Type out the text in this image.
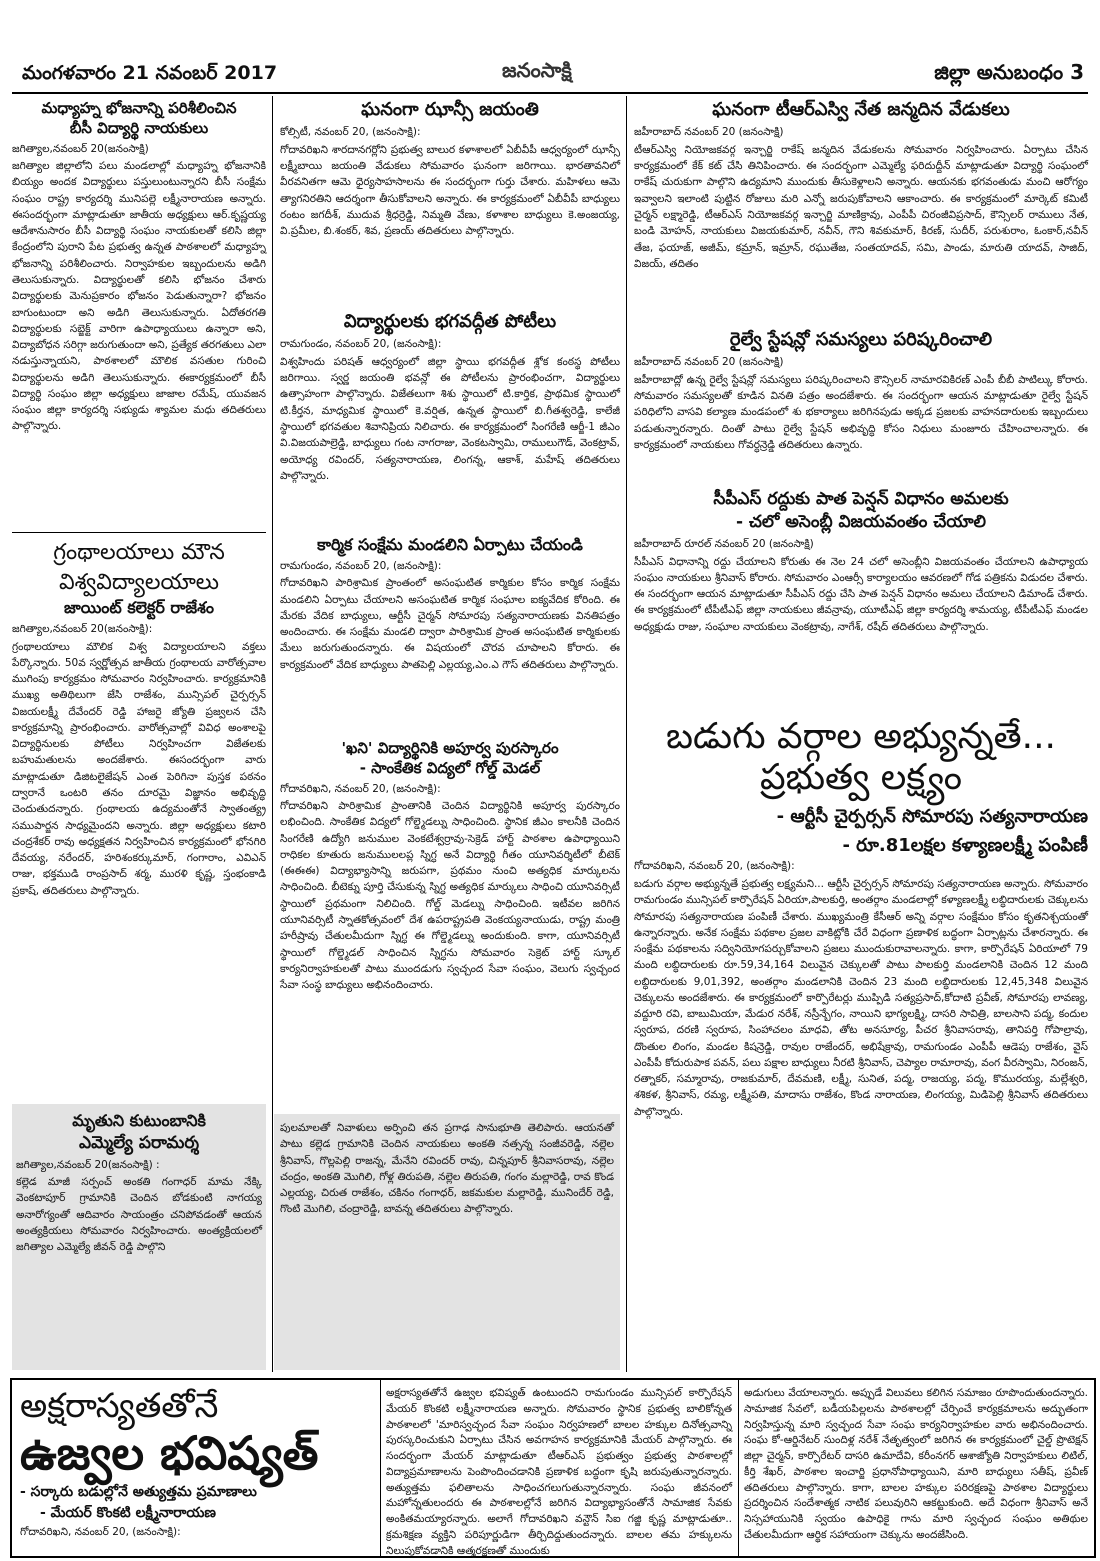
మంగళవారం 21 నవంబర్ 2017	జనంసాక్షి	జిల్లా అనుబంధం 3

మధ్యాహ్న భోజనాన్ని పరిశీలించిన

బీసీ విద్యార్థి నాయకులు

జగిత్యాల,నవంబర్ 20(జనంసాక్షి)

జగిత్యాల జిల్లాలోని పలు మండలాల్లో మధ్యాహ్న భోజనానికి బియ్యం అందక విద్యార్థులు పస్తులుంటున్నారని బీసీ సంక్షేమ సంఘం రాష్ట్ర కార్యదర్శి మునిపల్లె లక్ష్మీనారాయణ అన్నారు. ఈసందర్భంగా మాట్లాడుతూ జాతీయ అధ్యక్షులు ఆర్.కృష్ణయ్య ఆదేశానుసారం బీసీ విద్యార్థి సంఘం నాయకులతో కలిసి జిల్లా కేంద్రంలోని పురాని పేట ప్రభుత్వ ఉన్నత పాఠశాలలో మధ్యాహ్న భోజనాన్ని పరిశీలించారు. నిర్వాహకుల ఇబ్బందులను అడిగి తెలుసుకున్నారు. విద్యార్థులతో కలిసి భోజనం చేశారు విద్యార్థులకు మెనుప్రకారం భోజనం పెడుతున్నారా? భోజనం బాగుంటుందా అని అడిగి తెలుసుకున్నారు. ఏదోతరగతి విద్యార్థులకు సబ్జెక్ట్ వారిగా ఉపాధ్యాయులు ఉన్నారా అని, విద్యాబోధన సరిగ్గా జరుగుతుందా అని, ప్రత్యేక తరగతులు ఎలా నడుస్తున్నాయని, పాఠశాలలో మౌలిక వసతుల గురించి విద్యార్థులను అడిగి తెలుసుకున్నారు. ఈకార్యక్రమంలో బీసీ విద్యార్థి సంఘం జిల్లా అధ్యక్షులు జాజాల రమేష్, యువజన సంఘం జిల్లా కార్యదర్శి సభ్యుడు శ్యామల మధు తదితరులు పాల్గొన్నారు.

గ్రంథాలయాలు మౌన

విశ్వవిద్యాలయాలు

జాయింట్ కలెక్టర్ రాజేశం

జగిత్యాల,నవంబర్ 20(జనంసాక్షి):

గ్రంథాలయాలు మౌలిక విశ్వ విద్యాలయాలని వక్తలు పేర్కొన్నారు. 50వ స్వర్ణోత్సవ జాతీయ గ్రంథాలయ వారోత్సవాల ముగింపు కార్యక్రమం సోమవారం నిర్వహించారు. కార్యక్రమానికి ముఖ్య అతిథిలుగా జేసి రాజేశం, మున్సిపల్ చైర్పర్సన్ విజయలక్ష్మీ దేవేందర్ రెడ్డి హాజరై జ్యోతి ప్రజ్వలన చేసి కార్యక్రమాన్ని ప్రారంభించారు. వారోత్సవాల్లో వివిధ అంశాలపై విద్యార్థినులకు పోటీలు నిర్వహించగా విజేతలకు బహుమతులను అందజేశారు. ఈసందర్భంగా వారు మాట్లాడుతూ డిజిటలైజేషన్ ఎంత పెరిగినా పుస్తక పఠనం ద్వారానే ఒంటరి తనం దూరమై విజ్ఞానం అభివృద్ధి చెందుతుదన్నారు. గ్రంథాలయ ఉద్యమంతోనే స్వాతంత్య్ర సముపార్జన సాధ్యమైందని అన్నారు. జిల్లా అధ్యక్షులు కటారి చంద్రశేకర్ రావు అధ్యక్షతన నిర్వహించిన కార్యక్రమంలో భోనగిరి దేవయ్య, నరేందర్, హరిశంకర్కుమార్, గంగారాం, ఎవిఎన్ రాజు, భక్తముడి రాంప్రసాద్ శర్మ, మురళి కృష్ణ, స్తంభంకాడి ప్రకాష్, తదితరులు పాల్గొన్నారు.

మృతుని కుటుంబానికి

ఎమ్మెల్యే పరామర్శ

జగిత్యాల,నవంబర్ 20(జనంసాక్షి) :

కల్లెడ మాజీ సర్పంచ్ అంకతి గంగాధర్ మామ నేక్కి వెంకటాపూర్ గ్రామానికి చెందిన బోడకుంటి నాగయ్య అనారోగ్యంతో ఆదివారం సాయంత్రం చనిపోవడంతో ఆయన అంత్యక్రియలు సోమవారం నిర్వహించారు. అంత్యక్రియలలో జగిత్యాల ఎమ్మెల్యే జీవన్ రెడ్డి పాల్గొని

ఘనంగా ఝాన్సీ జయంతి

కోల్సిటీ, నవంబర్ 20, (జనంసాక్షి):

గోదావరిఖని శారదానగర్లోని ప్రభుత్వ బాలుర కళాశాలలో ఏబీవీపీ ఆధ్వర్యంలో ఝాన్సీ లక్ష్మీబాయి జయంతి వేడుకలు సోమవారం ఘనంగా జరిగాయి. భారతావనిలో వీరవనితగా ఆమె ధైర్యసాహసాలను ఈ సందర్భంగా గుర్తు చేశారు. మహిళలు ఆమె త్యాగనిరతిని ఆదర్శంగా తీసుకోవాలని అన్నారు. ఈ కార్యక్రమంలో ఏబీవీపీ బాధ్యులు రంటం జగదీశ్, ముదువ శ్రీధర్రెడ్డి, నిమ్మతి వేణు, కళాశాల బాధ్యులు కె.అంజయ్య, వి.ప్రమీల, బి.శంకర్, శివ, ప్రణయ్ తదితరులు పాల్గొన్నారు.

విద్యార్థులకు భగవద్గీత పోటీలు

రామగుండం, నవంబర్ 20, (జనంసాక్షి):

విశ్వహిందు పరిషత్ ఆధ్వర్యంలో జిల్లా స్థాయి భగవద్గీత శ్లోక కంఠస్థ పోటీలు జరిగాయి. స్వర్ణ జయంతి భవన్లో ఈ పోటీలను ప్రారంభించగా, విద్యార్థులు ఉత్సాహంగా పాల్గొన్నారు. విజేతలుగా శిశు స్థాయిలో టి.కార్తిక, ప్రాథమిక స్థాయిలో టి.కీర్తన, మాధ్యమిక స్థాయిలో కె.వర్షిత, ఉన్నత స్థాయిలో బి.గీతశ్వరెడ్డి, కాలేజీ స్థాయిలో భగవతుల శివానిప్రియ నిలిచారు. ఈ కార్యక్రమంలో సింగరేణి ఆర్జీ-1 జీఎం వి.విజయపాల్రెడ్డి, బాధ్యులు గంట నాగరాజు, వెంకటస్వామి, రాములుగౌడ్, వెంకట్రావ్, అయోధ్య రవిందర్, సత్యనారాయణ, లింగన్న, ఆకాశ్, మహేష్ తదితరులు పాల్గొన్నారు.

కార్మిక సంక్షేమ మండలిని ఏర్పాటు చేయండి

రామగుండం, నవంబర్ 20, (జనంసాక్షి):

గోదావరిఖని పారిశ్రామిక ప్రాంతంలో అసంఘటిత కార్మికుల కోసం కార్మిక సంక్షేమ మండలిని ఏర్పాటు చేయాలని అసంఘటిత కార్మిక సంఘాల ఐక్యవేదిక కోరింది. ఈ మేరకు వేదిక బాధ్యులు, ఆర్టీసీ చైర్మన్ సోమారపు సత్యనారాయణకు వినతిపత్రం అందించారు. ఈ సంక్షేమ మండలి ద్వారా పారిశ్రామిక ప్రాంత అసంఘటిత కార్మికులకు మేలు జరుగుతుందన్నారు. ఈ విషయంలో చొరవ చూపాలని కోరారు. ఈ కార్యక్రమంలో వేదిక బాధ్యులు పాతపెల్లి ఎల్లయ్య,ఎం.ఎ గౌస్ తదితరులు పాల్గొన్నారు.

'ఖని' విద్యార్థినికి అపూర్వ పురస్కారం

- సాంకేతిక విద్యలో గోల్డ్ మెడల్

గోదావరిఖని, నవంబర్ 20, (జనంసాక్షి):

గోదావరిఖని పారిశ్రామిక ప్రాంతానికి చెందిన విద్యార్థినికి అపూర్వ పురస్కారం లభించింది. సాంకేతిక విద్యలో గోల్డ్మెడల్ను సాధించింది. స్థానిక జీఎం కాలనీకి చెందిన సింగరేణి ఉద్యోగి జనుముల వెంకటేశ్వర్రావు-సెక్రెడ్ హార్ట్ పాఠశాల ఉపాధ్యాయిని రాధికల కూతురు జనుములలప్ల స్నిగ్ధ అనే విద్యార్థి గీతం యూనివర్శిటీలో బీటెక్ (ఈఈఈ) విద్యాభ్యాసాన్ని జరుపగా, ప్రథమం నుంచి అత్యధిక మార్కులను సాధించింది. బీటెక్ను పూర్తి చేసుకున్న స్నిగ్ధ అత్యధిక మార్కులు సాధించి యూనివర్సిటీ స్థాయిలో ప్రథమంగా నిలిచింది. గోల్డ్ మెడల్ను సాధించింది. ఇటీవల జరిగిన యూనివర్సిటీ స్నాతకోత్సవంలో దేశ ఉపరాష్ట్రపతి వెంకయ్యనాయుడు, రాష్ట్ర మంత్రి హరీష్రావు చేతులమీదుగా స్నిగ్ధ ఈ గోల్డ్మెడల్ను అందుకుంది. కాగా, యూనివర్సిటీ స్థాయిలో గోల్డ్మెడల్ సాధించిన స్నిగ్ధను సోమవారం సెక్రెట్ హార్ట్ స్కూల్ కార్యనిర్వాహకులతో పాటు ముందడుగు స్వచ్చంద సేవా సంఘం, వెలుగు స్వచ్చంద సేవా సంస్థ బాధ్యులు అభినందించారు.

పులమాలతో నివాళులు అర్పించి తన ప్రగాఢ సానుభూతి తెలిపారు. ఆయనతో పాటు కల్లెడ గ్రామానికి చెందిన నాయకులు అంకతి నత్సన్న సంజీవరెడ్డి, నల్లెల శ్రీనివాస్, గొల్లపెల్లి రాజన్న, మేనేని రవిందర్ రావు, చిన్నపూర్ శ్రీనివాసరావు, నల్లెల చంద్రం, అంకతి మొగిలి, గోళ్ల తిరుపతి, నల్లెల తిరుపతి, గంగం మల్లారెడ్డి, రావ కొండ ఎల్లయ్య, చిరుత రాజేశం, చకినం గంగాధర్, జకమకుల మల్లారెడ్డి, మునిందేర్ రెడ్డి, గొంటి మొగిలి, చంద్రారెడ్డి, బావన్న తదితరులు పాల్గొన్నారు.

ఘనంగా టీఆర్ఎస్వి నేత జన్మదిన వేడుకలు

జహీరాబాద్ నవంబర్ 20 (జనంసాక్షి)

టీఆర్ఎస్వి నియోజకవర్గ ఇన్చార్జి రాకేష్ జన్మదిన వేడుకలను సోమవారం నిర్వహించారు. ఏర్పాటు చేసిన కార్యక్రమంలో కేక్ కట్ చేసి తినిపించారు. ఈ సందర్భంగా ఎమ్మెల్యే ఫరిదుద్దీన్ మాట్లాడుతూ విద్యార్థి సంఘంలో రాకేష్ చురుకుగా పాల్గొని ఉద్యమాని ముందుకు తీసుకెళ్లాలని అన్నారు. ఆయనకు భగవంతుడు మంచి ఆరోగ్యం ఇవ్వాలని ఇలాంటి పుట్టిన రోజులు మరి ఎన్నో జరుపుకోవాలని ఆకాంచారు. ఈ కార్యక్రమంలో మార్కెట్ కమిటీ చైర్మన్ లక్ష్మారెడ్డి, టీఆర్ఎస్ నియోజకవర్గ ఇన్చార్జి మాణిక్రావు, ఎంపీపీ చిరంజీవిప్రసాద్, కౌన్సిలర్ రాములు నేత, బండి మోహన్, నాయకులు విజయకుమార్, నవీన్, గౌని శివకుమార్, కిరణ్, సుదీర్, పరుశురాం, ఓంకార్,నవీన్ తేజ, ఫయాజ్, అజీమ్, కమ్రాన్, ఇమ్రాన్, రఘుతేజ, సంతయాదవ్, సమి, పాండు, మారుతి యాదవ్, సాజిద్, విజయ్, తదితం

రైల్వే స్టేషన్లో సమస్యలు పరిష్కరించాలి

జహీరాబాద్ నవంబర్ 20 (జనంసాక్షి)

జహీరాబాద్లో ఉన్న రైల్వే స్టేషన్లో సమస్యలు పరిష్కరించాలని కౌన్సిలర్ నామారవికిరణ్ ఎంపీ బీబీ పాటిల్కు కోరారు. సోమవారం సమస్యలతో కూడిన వినతి పత్రం అందజేశారు. ఈ సందర్భంగా ఆయన మాట్లాడుతూ రైల్వే స్టేషన్ పరిధిలోని వాసవి కల్యాణ మండపంలో శు భకార్యాలు జరిగినపుడు అక్కడ ప్రజలకు వాహనదారులకు ఇబ్బందులు పడుతున్నారన్నారు. దింతో పాటు రైల్వే స్టేషన్ అభివృద్ధి కోసం నిధులు మంజూరు చేహించాలన్నారు. ఈ కార్యక్రమంలో నాయకులు గోవర్ధన్రెడ్డి తదితరులు ఉన్నారు.

సీపీఎస్ రద్దుకు పాత పెన్షన్ విధానం అమలకు

- చలో అసెంబ్లీ విజయవంతం చేయాలి

జహీరాబాద్ రూరల్ నవంబర్ 20 (జనంసాక్షి)

సీపీఎస్ విధానాన్ని రద్దు చేయాలని కోరుతు ఈ నెల 24 చలో అసెంబ్లీని విజయవంతం చేయాలని ఉపాధ్యాయ సంఘం నాయకులు శ్రీనివాస్ కోరారు. సోమవారం ఎంఆర్సీ కార్యాలయం ఆవరణలో గోడ పత్రికను విడుదల చేశారు. ఈ సందర్భంగా ఆయన మాట్లాడుతూ సీపీఎస్ రద్దు చేసి పాత పెన్షన్ విధానం అమలు చేయాలని డిమాండ్ చేశారు. ఈ కార్యక్రమంలో టీపీటీఎఫ్ జిల్లా నాయకులు జీవన్రావు, యూటీఎఫ్ జిల్లా కార్యదర్శి శామయ్య, టీపీటీఎఫ్ మండల అధ్యక్షుడు రాజు, సంఘాల నాయకులు వెంకట్రావు, నాగేశ్, రషీద్ తదితరులు పాల్గొన్నారు.

బడుగు వర్గాల అభ్యున్నతే...

ప్రభుత్వ లక్ష్యం

- ఆర్టీసీ చైర్పర్సన్ సోమారపు సత్యనారాయణ

- రూ.81లక్షల కళ్యాణలక్ష్మీ పంపిణీ

గోదావరిఖని, నవంబర్ 20, (జనంసాక్షి):

బడుగు వర్గాల అభ్యున్నతే ప్రభుత్వ లక్ష్యమని... ఆర్టీసీ చైర్పర్సన్ సోమారపు సత్యనారాయణ అన్నారు. సోమవారం రామగుండం మున్సిపల్ కార్పొరేషన్ ఏరియా,పాలకుర్తి, అంతర్గాం మండలాల్లో కళ్యాణలక్ష్మీ లబ్ధిదారులకు చెక్కులను సోమారపు సత్యనారాయణ పంపిణీ చేశారు. ముఖ్యమంత్రి కేసీఆర్ అన్ని వర్గాల సంక్షేమం కోసం కృతనిశ్చయంతో ఉన్నారన్నారు. అనేక సంక్షేమ పథకాల ప్రజల వాకిట్లోకి చేరే విధంగా ప్రణాళిక బద్ధంగా ఏర్పాట్లను చేశారన్నారు. ఈ సంక్షేమ పథకాలను సద్వినియోగపర్చుకోవాలని ప్రజలు ముందుకురావాలన్నారు. కాగా, కార్పొరేషన్ ఏరియాలో 79 మంది లబ్ధిదారులకు రూ.59,34,164 విలువైన చెక్కులతో పాటు పాలకుర్తి మండలానికి చెందిన 12 మంది లబ్ధిదారులకు 9,01,392, అంతర్గాం మండలానికి చెందిన 23 మంది లబ్ధిదారులకు 12,45,348 విలువైన చెక్కులను అందజేశారు. ఈ కార్యక్రమంలో కార్పొరేటర్లు ముప్పిడి సత్యప్రసాద్,కోదాటి ప్రవీణ్, సోమారపు లావణ్య, వద్దూరి రవి, బాబుమియా, మేడుర నరేశ్, నస్రీన్బేగం, నాయిని భాగ్యలక్ష్మి, దాసరి సావిత్రి, బాలసాని పద్మ, కందుల స్వరూప, దరణి స్వరూప, సింహాచలం మాధవి, తోట అనసూర్య, పీచర శ్రీనివాసరావు, తానిపర్తి గోపాల్రావు, దొంతుల లింగం, మండల కిషన్రెడ్డి, రావుల రాజేందర్, అభిషేక్రావు, రామగుండం ఎంపీపీ ఆడెపు రాజేశం, వైస్ ఎంపీపీ కోదురుపాక పవన్, పలు పక్షాల బాధ్యులు నీరటి శ్రీనివాస్, చెప్యాల రామారావు, వంగ వీరస్వామి, నిరంజన్, రత్నాకర్, సమ్మారావు, రాజకుమార్, దేవమణి, లక్ష్మీ, సునిత, పద్మ, రాజయ్య, పద్మ, కొమురయ్య, మల్లేశ్వరి, శశికళ, శ్రీనివాస్, రమ్య, లక్ష్మీపతి, మాదాసు రాజేశం, కొండ నారాయణ, లింగయ్య, మిడిపెల్లి శ్రీనివాస్ తదితరులు పాల్గొన్నారు.

అక్షరాస్యతతోనే

ఉజ్వల భవిష్యత్

- సర్కారు బడుల్లోనే అత్యుత్తమ ప్రమాణాలు

- మేయర్ కొంకటి లక్ష్మీనారాయణ

గోదావరిఖని, నవంబర్ 20, (జనంసాక్షి):

అక్షరాస్యతతోనే ఉజ్వల భవిష్యత్ ఉంటుందని రామగుండం మున్సిపల్ కార్పొరేషన్ మేయర్ కొంకటి లక్ష్మీనారాయణ అన్నారు. సోమవారం స్థానిక ప్రభుత్వ బాలికోన్నత పాఠశాలలో 'మారిస్వచ్ఛంద సేవా సంఘం నిర్వహణలో బాలల హక్కుల దినోత్సవాన్ని పురస్కరించుకుని ఏర్పాటు చేసిన అవగాహన కార్యక్రమానికి మేయర్ పాల్గొన్నారు. ఈ సందర్భంగా మేయర్ మాట్లాడుతూ టీఆర్ఎస్ ప్రభుత్వం ప్రభుత్వ పాఠశాలల్లో విద్యాప్రమాణాలను పెంపొందించడానికి ప్రణాళిక బద్ధంగా కృషి జరుపుతున్నారన్నారు. అత్యుత్తమ ఫలితాలను సాధించగలుగుతున్నారన్నారు. సంఘ జీవనంలో మహోన్నతులందరు ఈ పాఠశాలల్లోనే జరిగిన విద్యాభ్యాసంతోనే సామాజిక సేవకు అంకితమయ్యారన్నారు. అలాగే గోదావరిఖని వన్టౌన్ సిఐ గజ్జి కృష్ణ మాట్లాడుతూ.. క్రమశిక్షణ వ్యక్తిని పరిపూర్ణుడిగా తీర్చిదిద్దుతుందన్నారు. బాలల తమ హక్కులను నిలుపుకోవడానికి ఆత్మరక్షణతో ముందుకు

అడుగులు వేయాలన్నారు. అప్పుడే విలువలు కలిగిన సమాజం రూపొందుతుందన్నారు. సామాజిక సేవలో, బడీయపిల్లలను పాఠశాలల్లో చేర్పించే కార్యక్రమాలను అద్భుతంగా నిర్వహిస్తున్న మారి స్వచ్ఛంద సేవా సంఘ కార్యనిర్వాహకుల వారు అభినందించారు. సంఘ కో-ఆర్డినేటర్ సుందిళ్ల నరేశ్ నేతృత్వంలో జరిగిన ఈ కార్యక్రమంలో చైల్డ్ ప్రొటెక్షన్ జిల్లా చైర్మన్, కార్పొరేటర్ దాసరి ఉమాదేవి, కరీంనగర్ ఆశాజ్యోతి నిర్వాహకులు లిటిల్, కీర్తి శేఖర్, పాఠశాల ఇంచార్జి ప్రధానోపాధ్యాయిని, మారి బాధ్యులు సతీష్, ప్రవీణ్ తదితరులు పాల్గొన్నారు. కాగా, బాలల హక్కుల పరిరక్షణపై పాఠశాల విద్యార్థులు ప్రదర్శించిన సందేశాత్మక నాటిక పలువురిని ఆకట్టుకుంది. అదే విధంగా శ్రీనివాస్ అనే నిస్సహాయునికి స్వయం ఉపాధికై గాను మారి స్వచ్ఛంద సంఘం అతిథుల చేతులమీదుగా ఆర్థిక సహాయంగా చెక్కును అందజేసింది.
